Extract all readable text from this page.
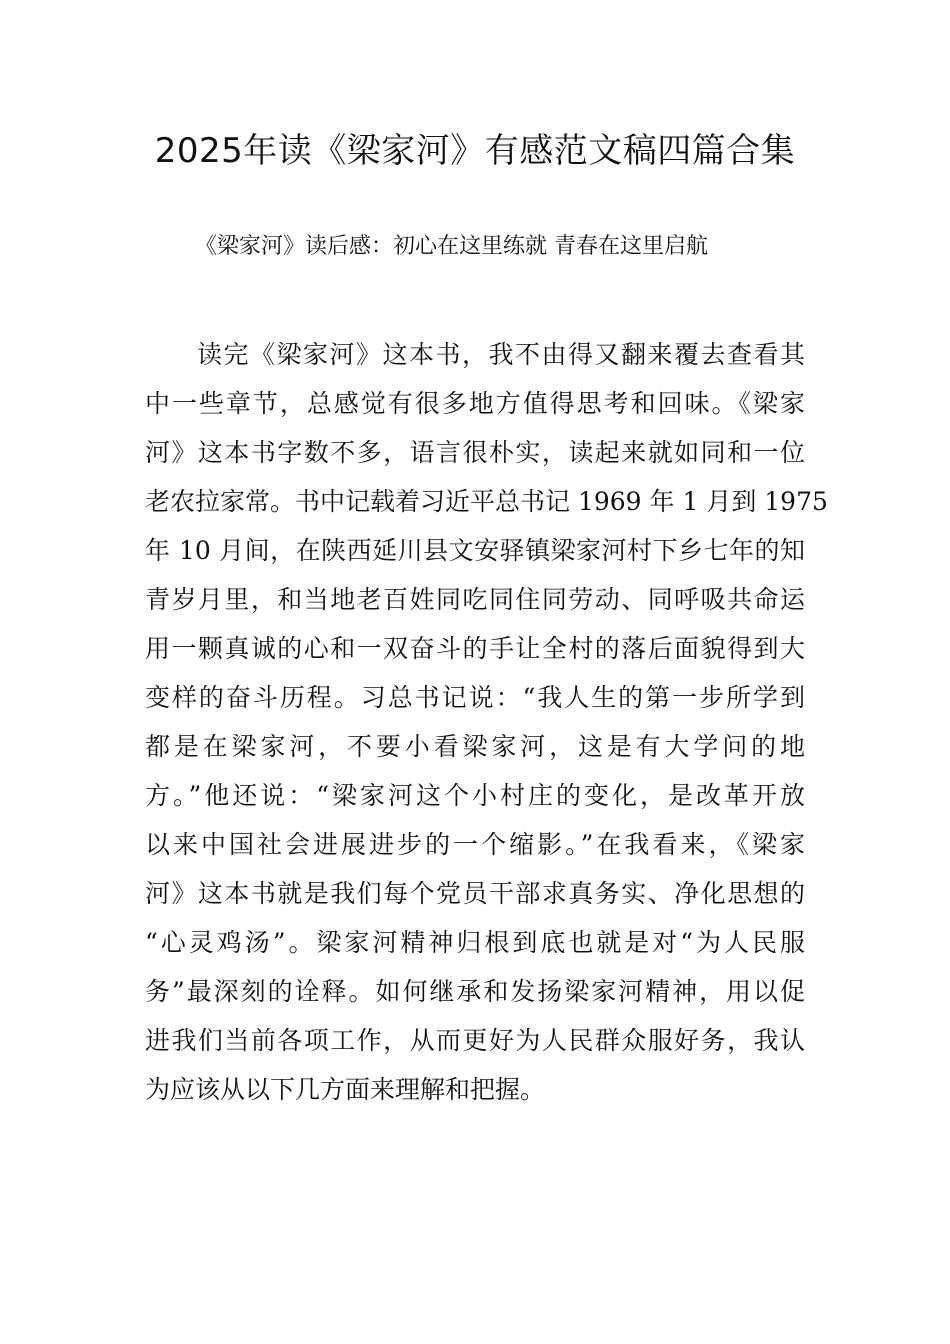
2025年读《梁家河》有感范文稿四篇合集
《梁家河》读后感：初心在这里练就 青春在这里启航
读完《梁家河》这本书，我不由得又翻来覆去查看其
中一些章节，总感觉有很多地方值得思考和回味。《梁家
河》这本书字数不多，语言很朴实，读起来就如同和一位
老农拉家常。书中记载着习近平总书记 1969 年 1 月到 1975
年 10 月间，在陕西延川县文安驿镇梁家河村下乡七年的知
青岁月里，和当地老百姓同吃同住同劳动、同呼吸共命运
用一颗真诚的心和一双奋斗的手让全村的落后面貌得到大
变样的奋斗历程。习总书记说：“我人生的第一步所学到
都是在梁家河，不要小看梁家河，这是有大学问的地
方。”他还说：“梁家河这个小村庄的变化，是改革开放
以来中国社会进展进步的一个缩影。”在我看来，《梁家
河》这本书就是我们每个党员干部求真务实、净化思想的
“心灵鸡汤”。梁家河精神归根到底也就是对“为人民服
务”最深刻的诠释。如何继承和发扬梁家河精神，用以促
进我们当前各项工作，从而更好为人民群众服好务，我认
为应该从以下几方面来理解和把握。
